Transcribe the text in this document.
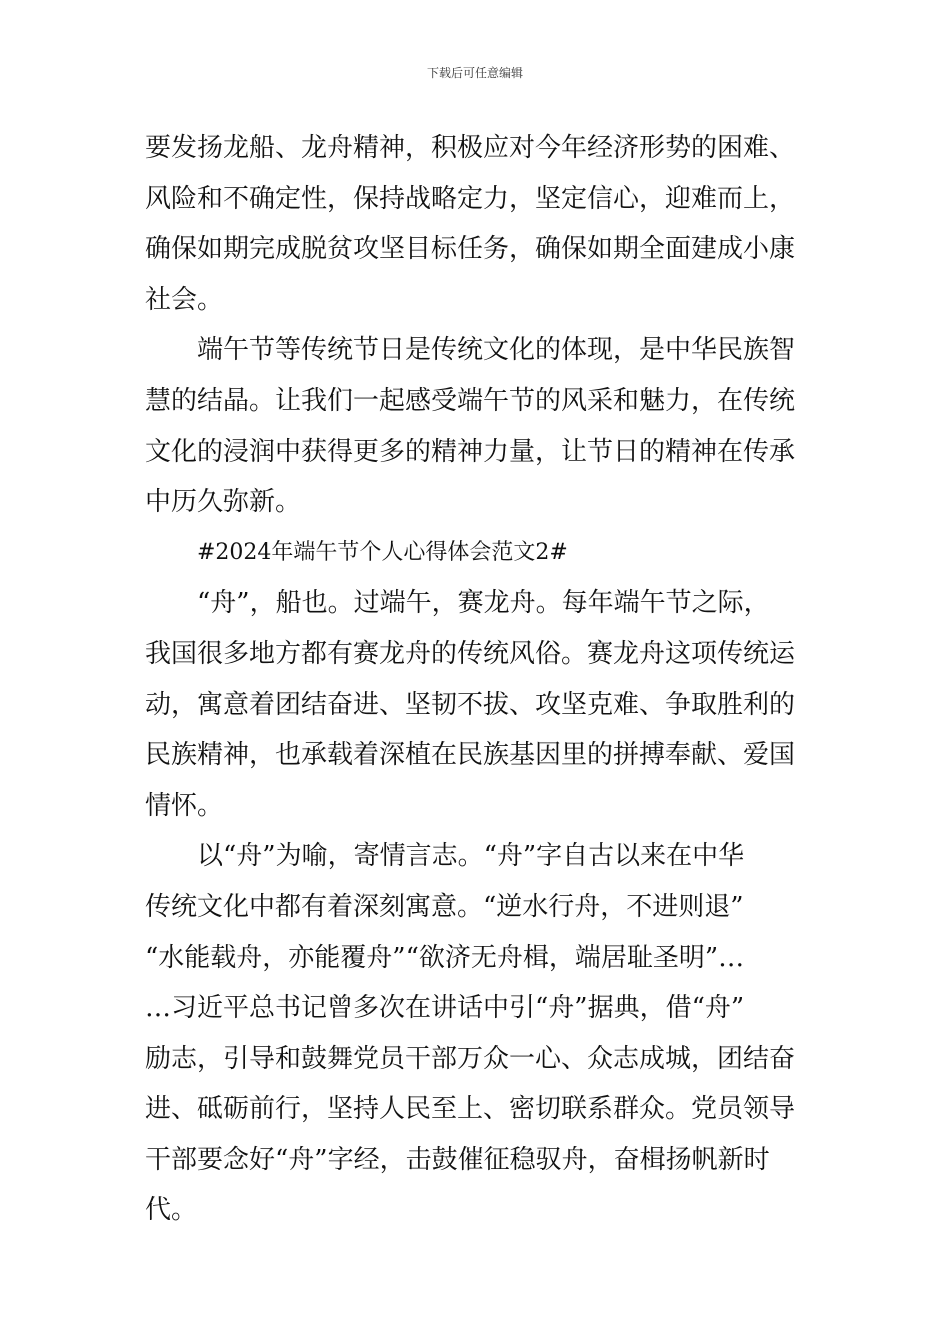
下载后可任意编辑
要发扬龙船、龙舟精神，积极应对今年经济形势的困难、
风险和不确定性，保持战略定力，坚定信心，迎难而上，
确保如期完成脱贫攻坚目标任务，确保如期全面建成小康
社会。
端午节等传统节日是传统文化的体现，是中华民族智
慧的结晶。让我们一起感受端午节的风采和魅力，在传统
文化的浸润中获得更多的精神力量，让节日的精神在传承
中历久弥新。
#2024年端午节个人心得体会范文2#
“舟”，船也。过端午，赛龙舟。每年端午节之际，
我国很多地方都有赛龙舟的传统风俗。赛龙舟这项传统运
动，寓意着团结奋进、坚韧不拔、攻坚克难、争取胜利的
民族精神，也承载着深植在民族基因里的拼搏奉献、爱国
情怀。
以“舟”为喻，寄情言志。“舟”字自古以来在中华
传统文化中都有着深刻寓意。“逆水行舟，不进则退”
“水能载舟，亦能覆舟”“欲济无舟楫，端居耻圣明”…
…习近平总书记曾多次在讲话中引“舟”据典，借“舟”
励志，引导和鼓舞党员干部万众一心、众志成城，团结奋
进、砥砺前行，坚持人民至上、密切联系群众。党员领导
干部要念好“舟”字经，击鼓催征稳驭舟，奋楫扬帆新时
代。
